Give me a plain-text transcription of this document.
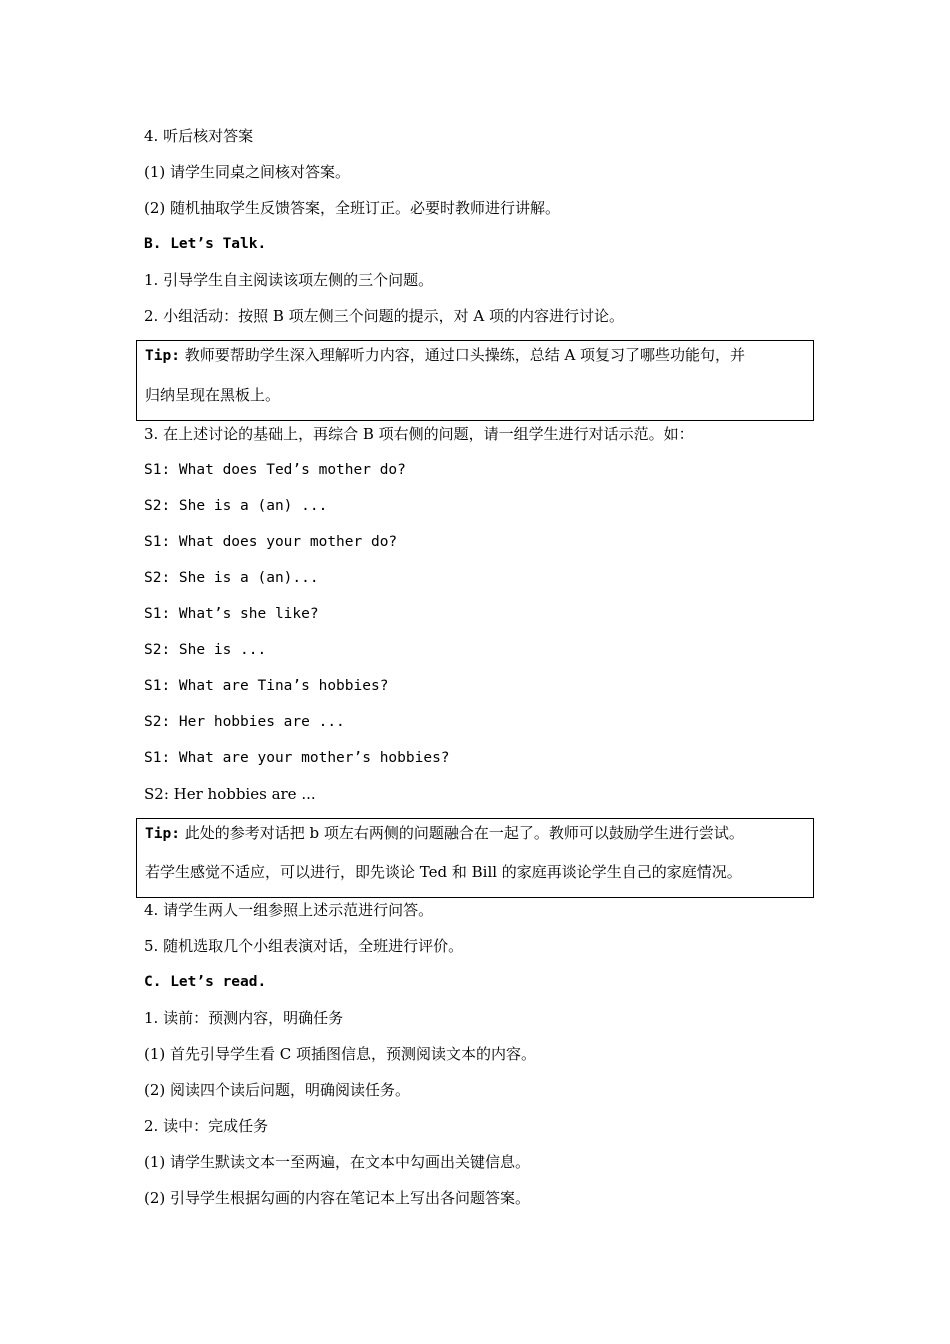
4. 听后核对答案
(1) 请学生同桌之间核对答案。
(2) 随机抽取学生反馈答案，全班订正。必要时教师进行讲解。
B. Let’s Talk.
1. 引导学生自主阅读该项左侧的三个问题。
2. 小组活动：按照 B 项左侧三个问题的提示，对 A 项的内容进行讨论。
Tip: 教师要帮助学生深入理解听力内容，通过口头操练，总结 A 项复习了哪些功能句，并
归纳呈现在黑板上。
3. 在上述讨论的基础上，再综合 B 项右侧的问题，请一组学生进行对话示范。如：
S1: What does Ted’s mother do?
S2: She is a (an) ...
S1: What does your mother do?
S2: She is a (an)...
S1: What’s she like?
S2: She is ...
S1: What are Tina’s hobbies?
S2: Her hobbies are ...
S1: What are your mother’s hobbies?
S2: Her hobbies are ...
Tip: 此处的参考对话把 b 项左右两侧的问题融合在一起了。教师可以鼓励学生进行尝试。
若学生感觉不适应，可以进行，即先谈论 Ted 和 Bill 的家庭再谈论学生自己的家庭情况。
4. 请学生两人一组参照上述示范进行问答。
5. 随机选取几个小组表演对话，全班进行评价。
C. Let’s read.
1. 读前：预测内容，明确任务
(1) 首先引导学生看 C 项插图信息，预测阅读文本的内容。
(2) 阅读四个读后问题，明确阅读任务。
2. 读中：完成任务
(1) 请学生默读文本一至两遍，在文本中勾画出关键信息。
(2) 引导学生根据勾画的内容在笔记本上写出各问题答案。
